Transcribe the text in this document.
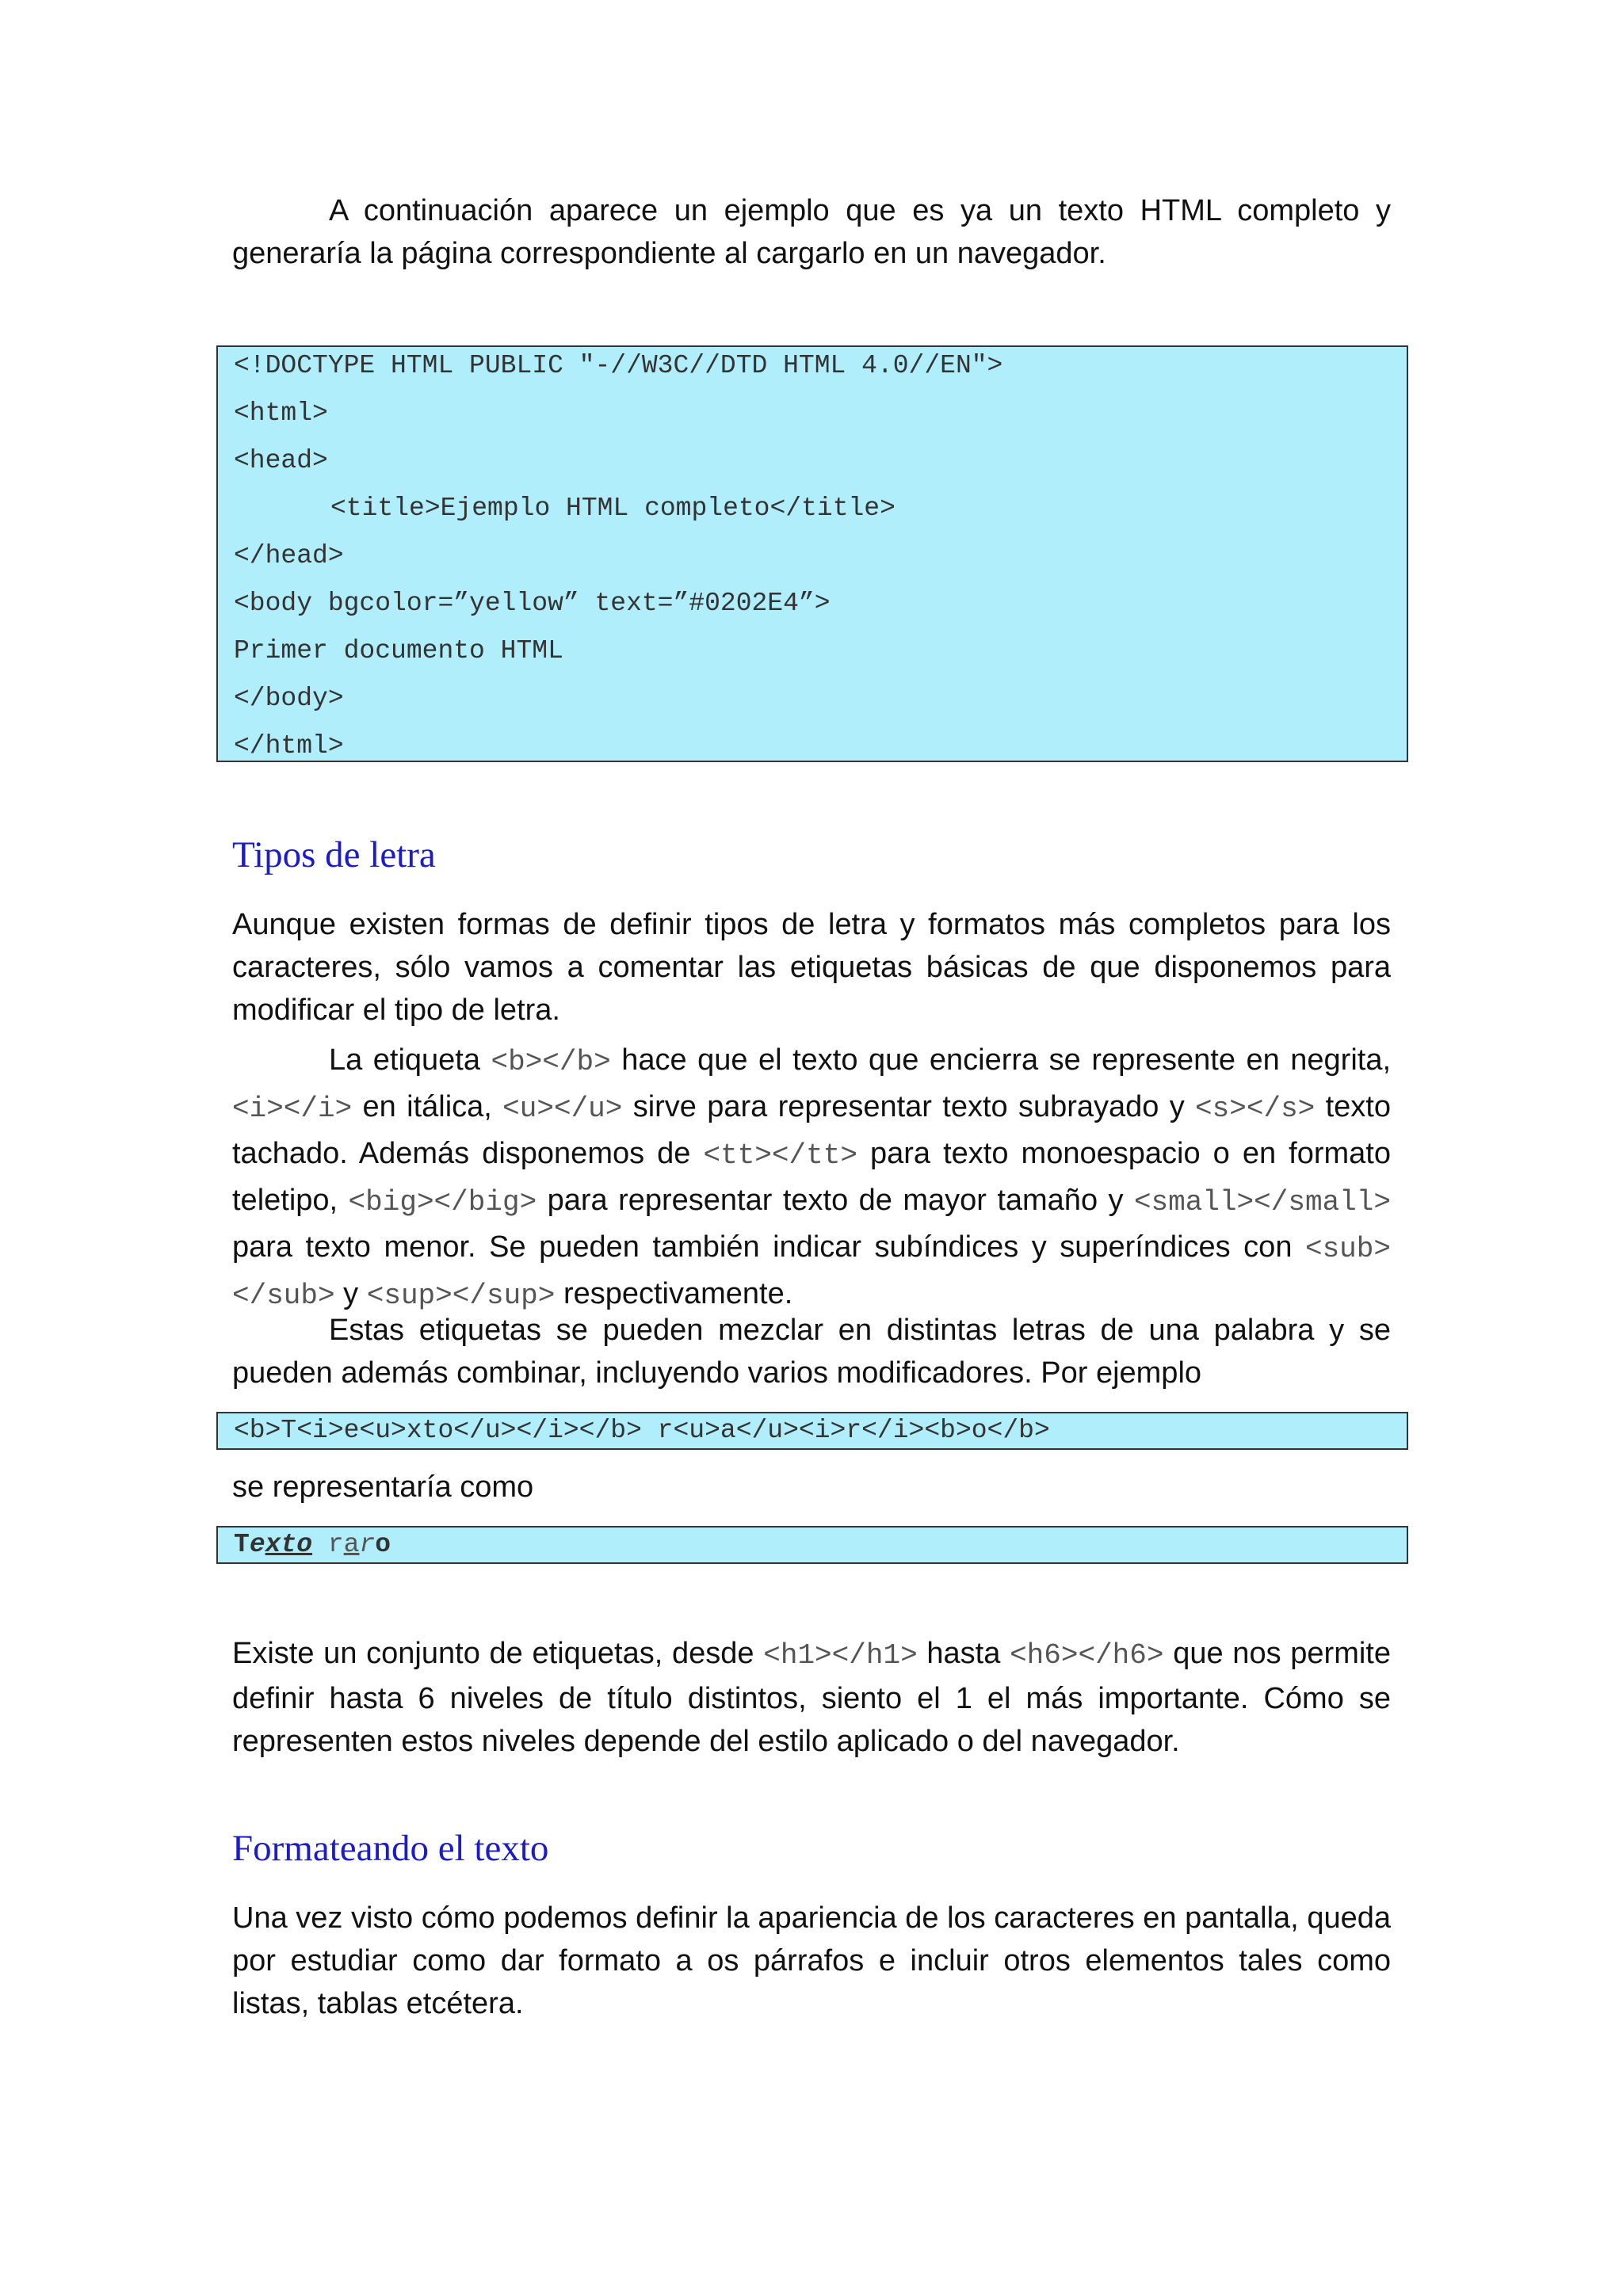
A continuación aparece un ejemplo que es ya un texto HTML completo y generaría la página correspondiente al cargarlo en un navegador.

<!DOCTYPE HTML PUBLIC "-//W3C//DTD HTML 4.0//EN">
<html>
<head>
<title>Ejemplo HTML completo</title>
</head>
<body bgcolor=”yellow” text=”#0202E4”>
Primer documento HTML
</body>
</html>
Tipos de letra

Aunque existen formas de definir tipos de letra y formatos más completos para los caracteres, sólo vamos a comentar las etiquetas básicas de que disponemos para modificar el tipo de letra.

La etiqueta <b></b> hace que el texto que encierra se represente en negrita, <i></i> en itálica, <u></u> sirve para representar texto subrayado y <s></s> texto tachado. Además disponemos de <tt></tt> para texto monoespacio o en formato teletipo, <big></big> para representar texto de mayor tamaño y <small></small> para texto menor. Se pueden también indicar subíndices y superíndices con <sub></sub> y <sup></sup> respectivamente.

Estas etiquetas se pueden mezclar en distintas letras de una palabra y se pueden además combinar, incluyendo varios modificadores. Por ejemplo

<b>T<i>e<u>xto</u></i></b> r<u>a</u><i>r</i><b>o</b>

se representaría como

Texto raro

Existe un conjunto de etiquetas, desde <h1></h1> hasta <h6></h6> que nos permite definir hasta 6 niveles de título distintos, siento el 1 el más importante. Cómo se representen estos niveles depende del estilo aplicado o del navegador.

Formateando el texto

Una vez visto cómo podemos definir la apariencia de los caracteres en pantalla, queda por estudiar como dar formato a os párrafos e incluir otros elementos tales como listas, tablas etcétera.
